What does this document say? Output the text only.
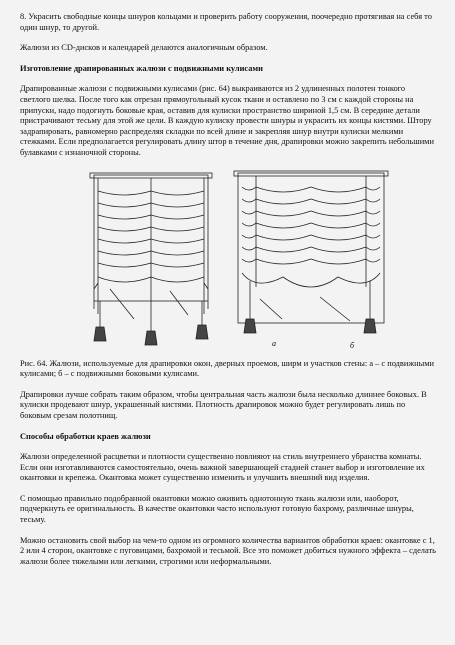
8. Украсить свободные концы шнуров кольцами и проверить работу сооружения, поочередно протягивая на себя то один шнур, то другой.

Жалюзи из CD-дисков и календарей делаются аналогичным образом.

Изготовление драпированных жалюзи с подвижными кулисами

Драпированные жалюзи с подвижными кулисами (рис. 64) выкраиваются из 2 удлиненных полотен тонкого светлого шелка. После того как отрезан прямоугольный кусок ткани и оставлено по 3 см с каждой стороны на припуски, надо подогнуть боковые края, оставив для кулиски пространство шириной 1,5 см. В середине детали пристрачивают тесьму для этой же цели. В каждую кулиску провести шнуры и украсить их концы кистями. Штору задрапировать, равномерно распределяя складки по всей длине и закрепляя шнур внутри кулиски мелкими стежками. Если предполагается регулировать длину штор в течение дня, драпировки можно закрепить небольшими булавками с изнаночной стороны.

а	б

Рис. 64. Жалюзи, используемые для драпировки окон, дверных проемов, ширм и участков стены: а – с подвижными кулисами; б – с подвижными боковыми кулисами.

Драпировки лучше собрать таким образом, чтобы центральная часть жалюзи была несколько длиннее боковых. В кулиски продевают шнур, украшенный кистями. Плотность драпировок можно будет регулировать лишь по боковым срезам полотнищ.

Способы обработки краев жалюзи

Жалюзи определенной расцветки и плотности существенно повлияют на стиль внутреннего убранства комнаты. Если они изготавливаются самостоятельно, очень важной завершающей стадией станет выбор и изготовление их окантовки и крепежа. Окантовка может существенно изменить и улучшить внешний вид изделия.

С помощью правильно подобранной окантовки можно оживить однотонную ткань жалюзи или, наоборот, подчеркнуть ее оригинальность. В качестве окантовки часто используют готовую бахрому, различные шнуры, тесьму.

Можно остановить свой выбор на чем-то одном из огромного количества вариантов обработки краев: окантовке с 1, 2 или 4 сторон, окантовке с пуговицами, бахромой и тесьмой. Все это поможет добиться нужного эффекта – сделать жалюзи более тяжелыми или легкими, строгими или неформальными.
